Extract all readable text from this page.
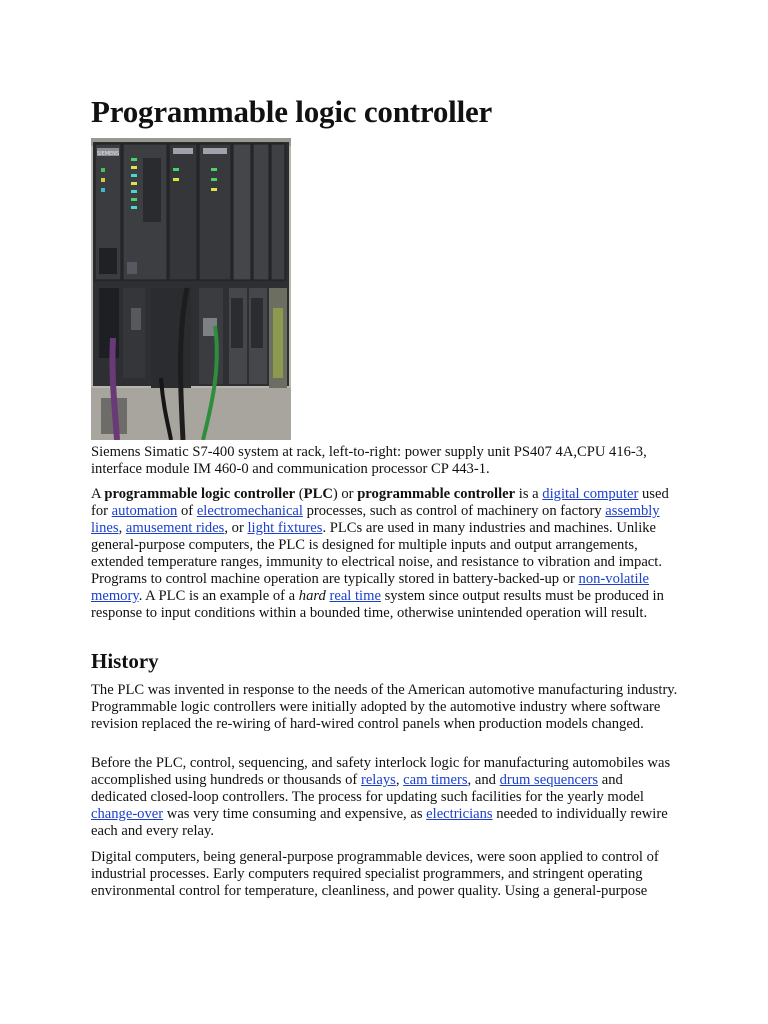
Programmable logic controller
SIEMENS

Siemens Simatic S7-400 system at rack, left-to-right: power supply unit PS407 4A,CPU 416-3, interface module IM 460-0 and communication processor CP 443-1.

A programmable logic controller (PLC) or programmable controller is a digital computer used for automation of electromechanical processes, such as control of machinery on factory assembly lines, amusement rides, or light fixtures. PLCs are used in many industries and machines. Unlike general-purpose computers, the PLC is designed for multiple inputs and output arrangements, extended temperature ranges, immunity to electrical noise, and resistance to vibration and impact. Programs to control machine operation are typically stored in battery-backed-up or non-volatile memory. A PLC is an example of a hard real time system since output results must be produced in response to input conditions within a bounded time, otherwise unintended operation will result.

History

The PLC was invented in response to the needs of the American automotive manufacturing industry. Programmable logic controllers were initially adopted by the automotive industry where software revision replaced the re-wiring of hard-wired control panels when production models changed.

Before the PLC, control, sequencing, and safety interlock logic for manufacturing automobiles was accomplished using hundreds or thousands of relays, cam timers, and drum sequencers and dedicated closed-loop controllers. The process for updating such facilities for the yearly model change-over was very time consuming and expensive, as electricians needed to individually rewire each and every relay.

Digital computers, being general-purpose programmable devices, were soon applied to control of industrial processes. Early computers required specialist programmers, and stringent operating environmental control for temperature, cleanliness, and power quality. Using a general-purpose
